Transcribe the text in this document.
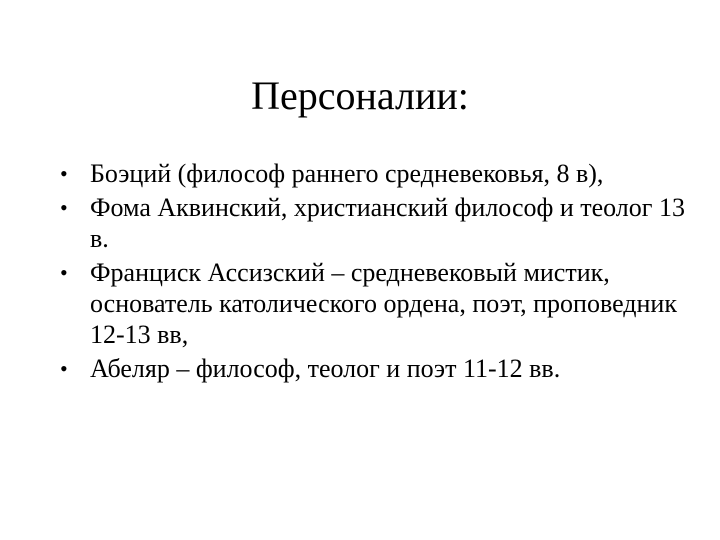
Персоналии:
• Боэций (философ раннего средневековья, 8 в),
• Фома Аквинский, христианский философ и теолог 13 в.
• Франциск Ассизский – средневековый мистик, основатель католического ордена, поэт, проповедник 12-13 вв,
• Абеляр – философ, теолог и поэт 11-12 вв.
